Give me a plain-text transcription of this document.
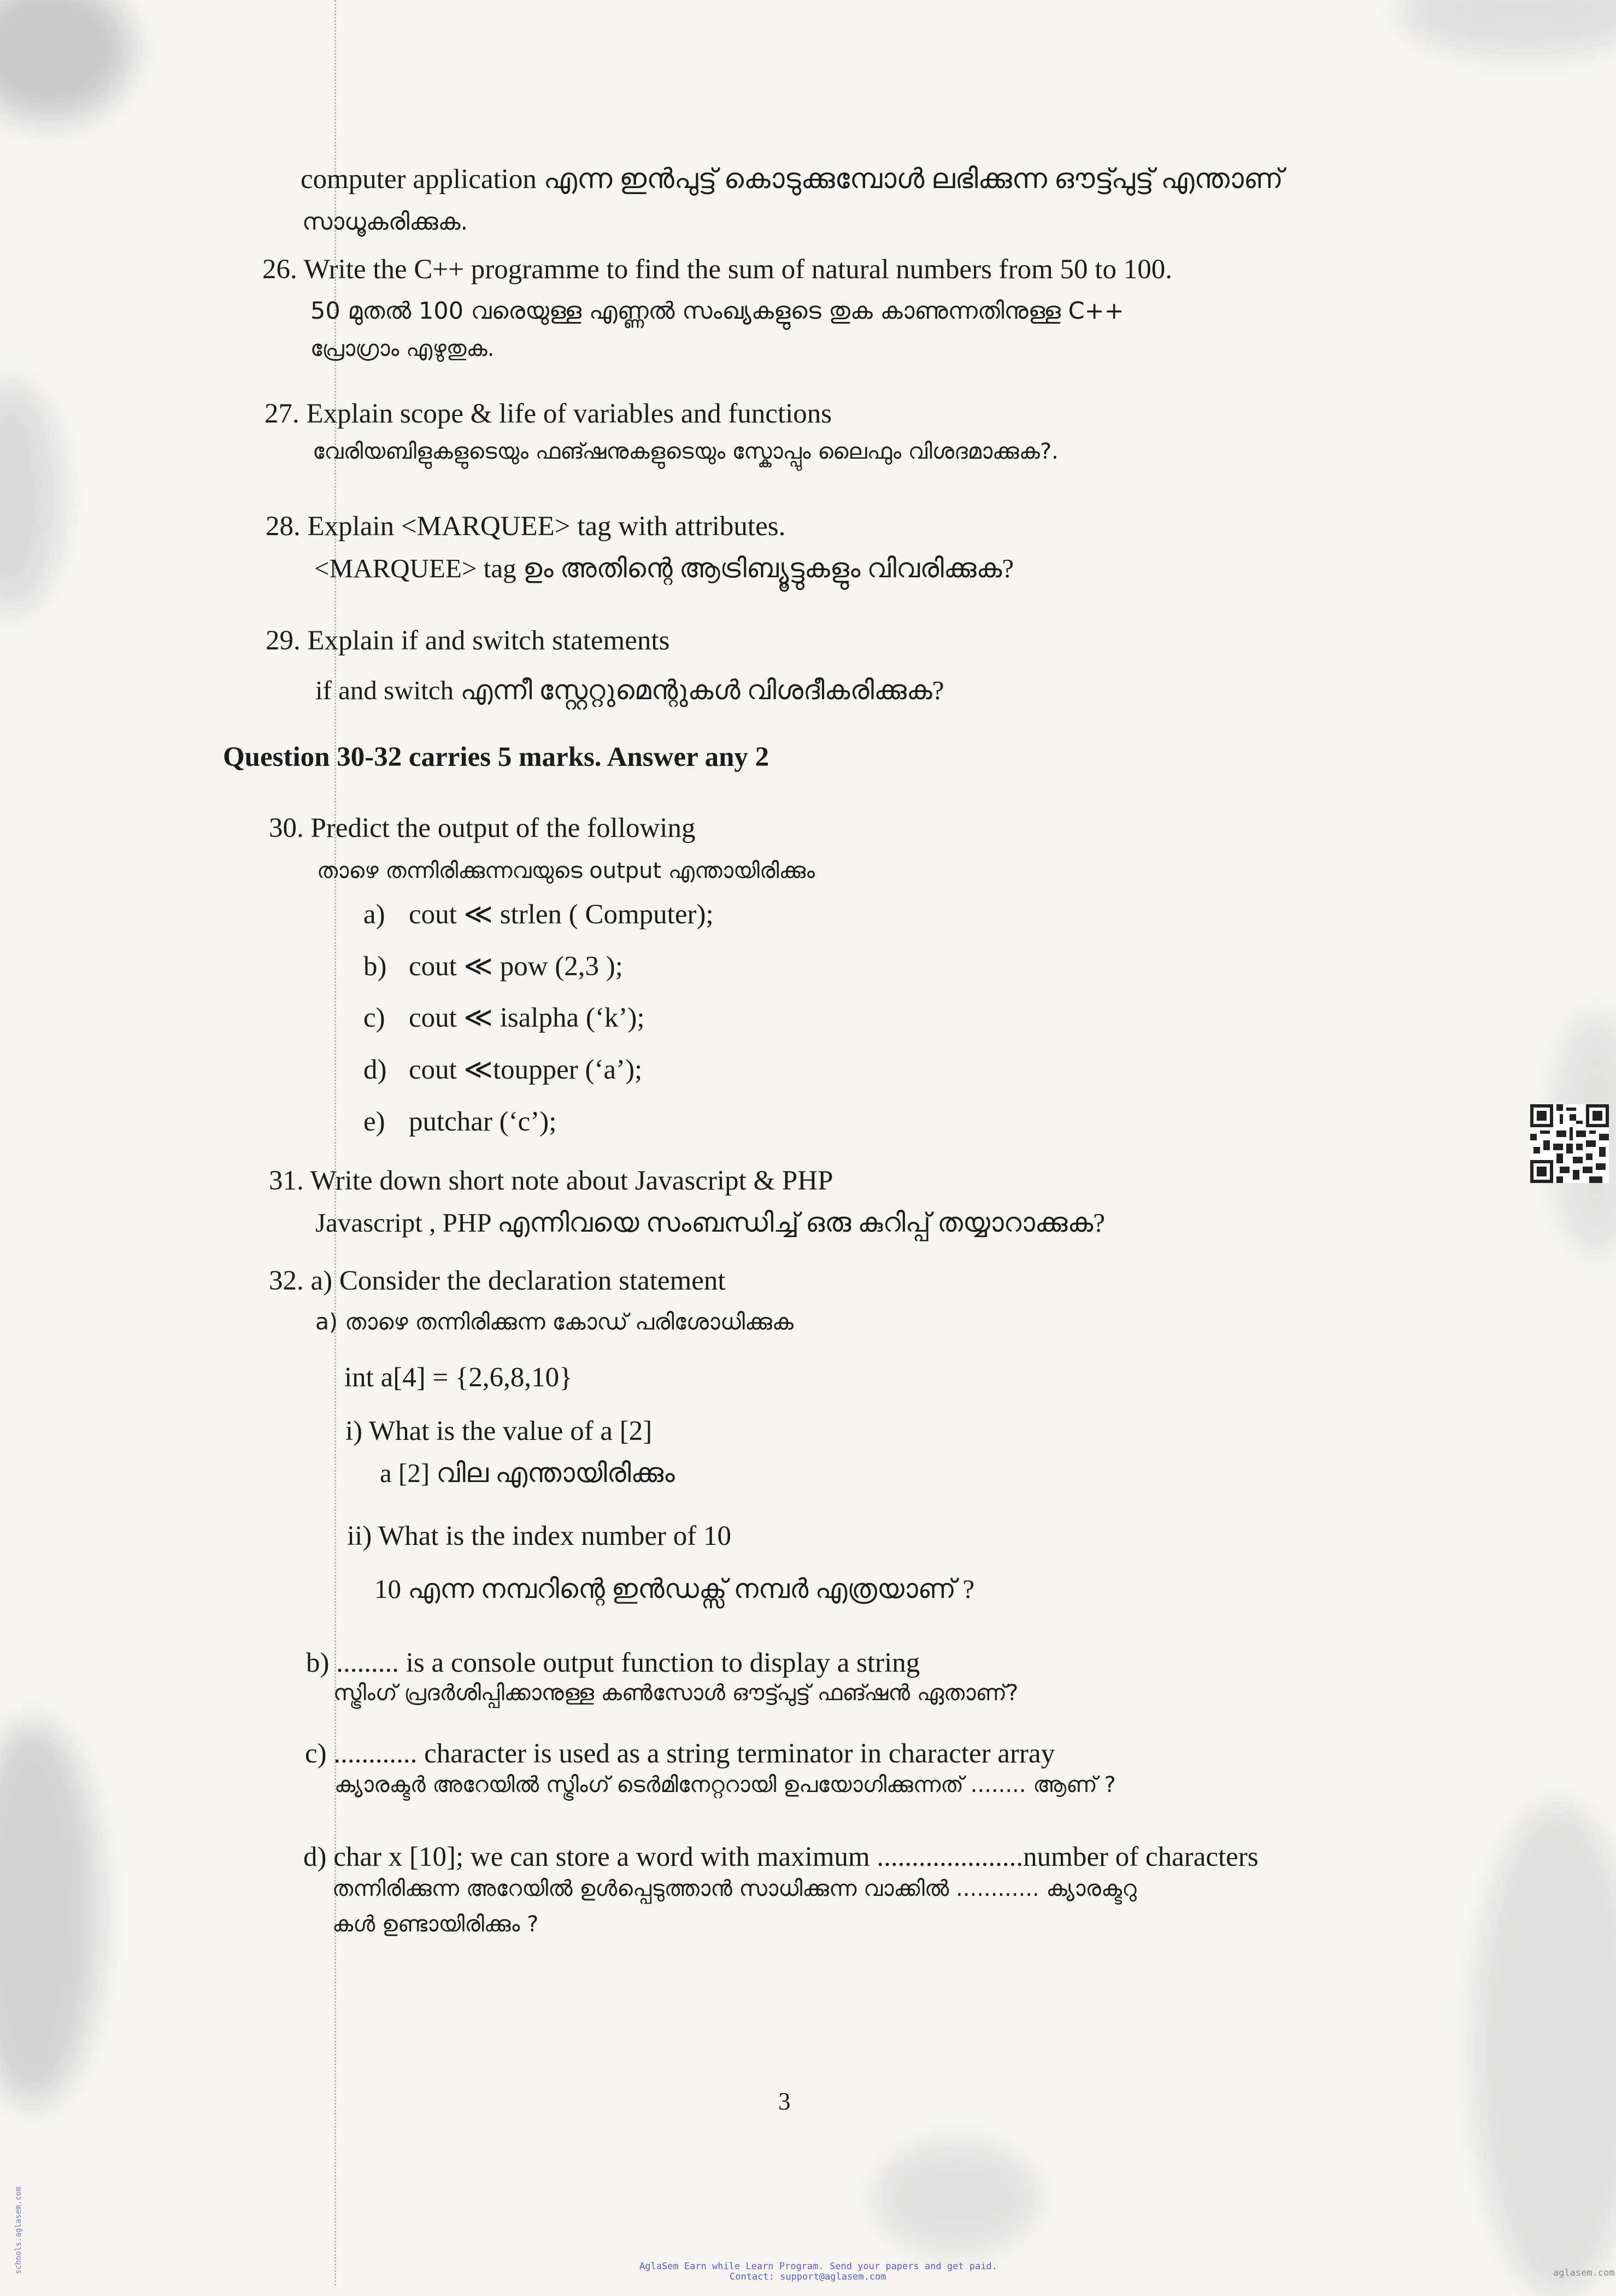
computer application എന്ന ഇൻപുട്ട് കൊടുക്കുമ്പോൾ ലഭിക്കുന്ന ഔട്ട്പുട്ട് എന്താണ്
സാധൂകരിക്കുക.
26. Write the C++ programme to find the sum of natural numbers from 50 to 100.
50 മുതൽ 100 വരെയുള്ള എണ്ണൽ സംഖ്യകളുടെ തുക കാണുന്നതിനുള്ള C++
പ്രോഗ്രാം എഴുതുക.
27. Explain scope & life of variables and functions
വേരിയബിളുകളുടെയും ഫങ്ഷനുകളുടെയും സ്കോപ്പും ലൈഫും വിശദമാക്കുക?.
28. Explain <MARQUEE> tag with attributes.
<MARQUEE> tag ഉം അതിന്റെ ആട്രിബ്യൂട്ടുകളും വിവരിക്കുക?
29. Explain if and switch statements
if and switch എന്നീ സ്റ്റേറ്റുമെന്റുകൾ വിശദീകരിക്കുക?
Question 30-32 carries 5 marks. Answer any 2
30. Predict the output of the following
താഴെ തന്നിരിക്കുന്നവയുടെ output എന്തായിരിക്കും
a) cout ≪ strlen ( Computer);
b) cout ≪ pow (2,3 );
c) cout ≪ isalpha (‘k’);
d) cout ≪toupper (‘a’);
e) putchar (‘c’);
31. Write down short note about Javascript & PHP
Javascript , PHP എന്നിവയെ സംബന്ധിച്ച് ഒരു കുറിപ്പ് തയ്യാറാക്കുക?
32. a) Consider the declaration statement
a) താഴെ തന്നിരിക്കുന്ന കോഡ് പരിശോധിക്കുക
int a[4] = {2,6,8,10}
i) What is the value of a [2]
a [2] വില എന്തായിരിക്കും
ii) What is the index number of 10
10 എന്ന നമ്പറിന്റെ ഇൻഡക്സ് നമ്പർ എത്രയാണ് ?
b) ......... is a console output function to display a string
സ്ട്രിംഗ് പ്രദർശിപ്പിക്കാനുള്ള കൺസോൾ ഔട്ട്പുട്ട് ഫങ്ഷൻ ഏതാണ്?
c) ............ character is used as a string terminator in character array
ക്യാരക്ടർ അറേയിൽ സ്ട്രിംഗ് ടെർമിനേറ്ററായി ഉപയോഗിക്കുന്നത് ........ ആണ് ?
d) char x [10]; we can store a word with maximum .....................number of characters
തന്നിരിക്കുന്ന അറേയിൽ ഉൾപ്പെടുത്താൻ സാധിക്കുന്ന വാക്കിൽ ............ ക്യാരക്ടറു
കൾ ഉണ്ടായിരിക്കും ?
3
AglaSem Earn while Learn Program. Send your papers and get paid.
Contact: support@aglasem.com	aglasem.com
schools.aglasem.com
